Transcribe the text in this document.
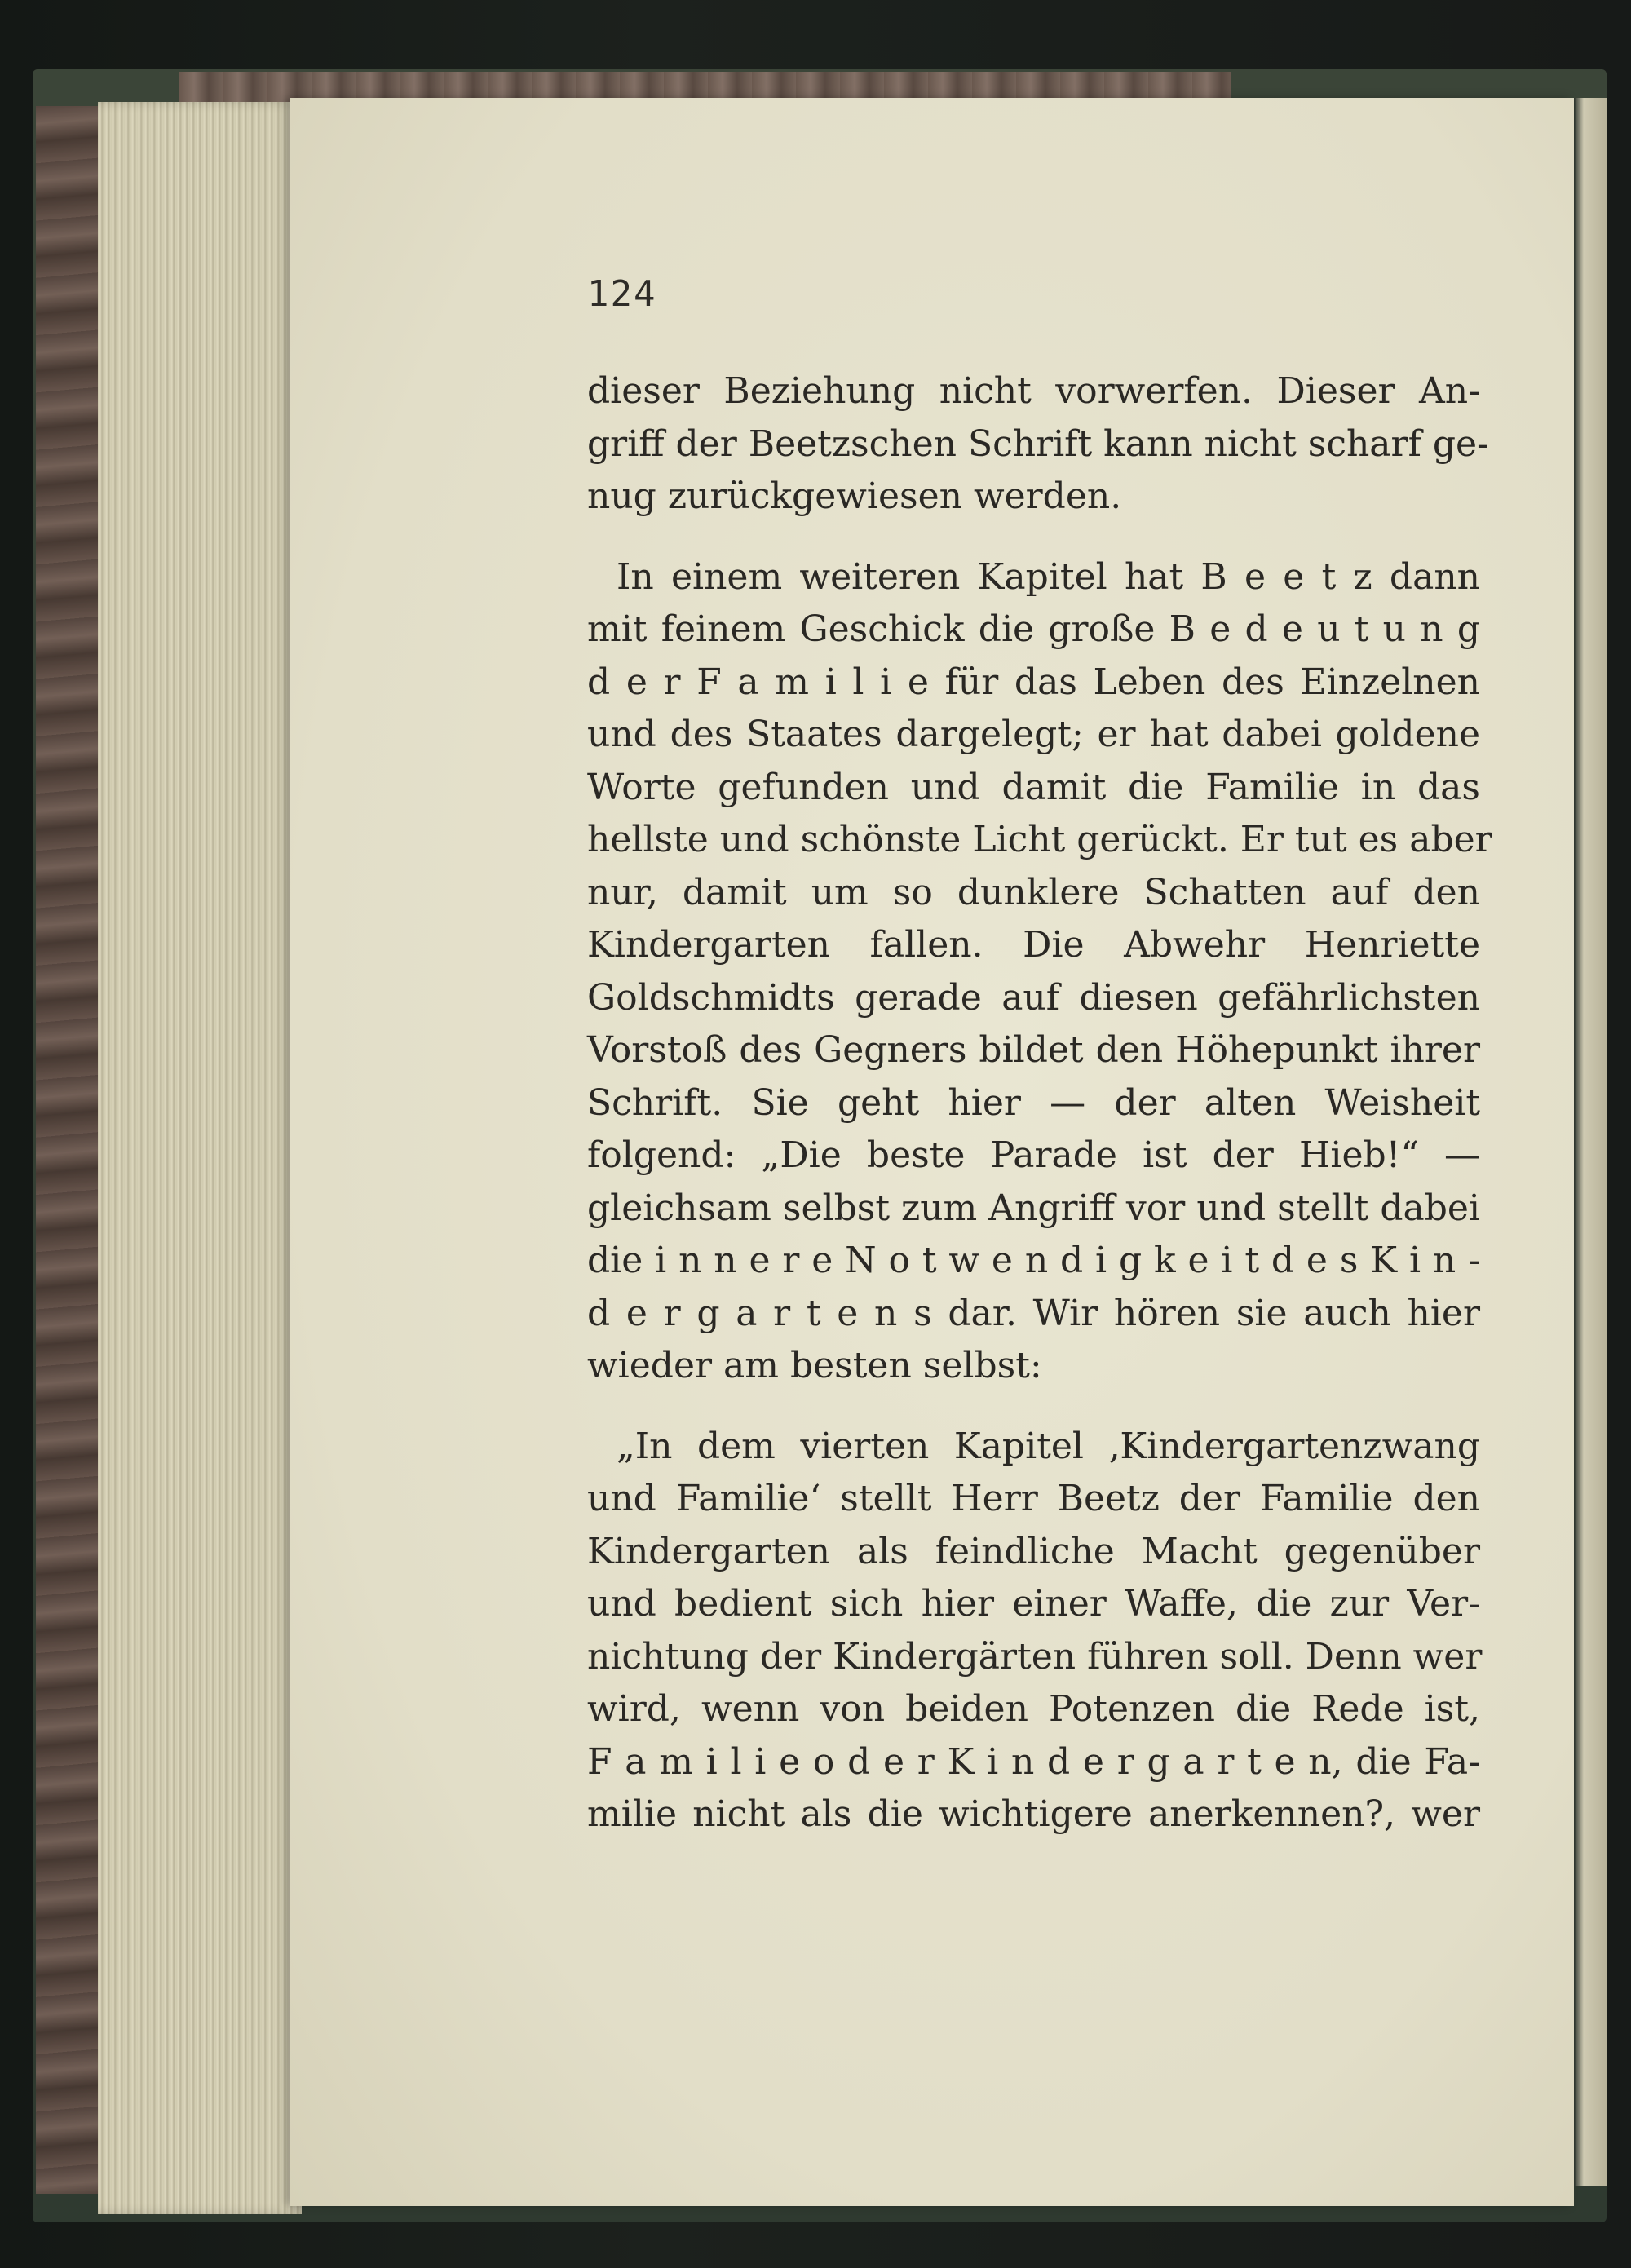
124
dieser Beziehung nicht vorwerfen. Dieser An-
griff der Beetzschen Schrift kann nicht scharf ge-
nug zurückgewiesen werden.
In einem weiteren Kapitel hat B e e t z dann
mit feinem Geschick die große B e d e u t u n g
d e r F a m i l i e für das Leben des Einzelnen
und des Staates dargelegt; er hat dabei goldene
Worte gefunden und damit die Familie in das
hellste und schönste Licht gerückt. Er tut es aber
nur, damit um so dunklere Schatten auf den
Kindergarten fallen. Die Abwehr Henriette
Goldschmidts gerade auf diesen gefährlichsten
Vorstoß des Gegners bildet den Höhepunkt ihrer
Schrift. Sie geht hier — der alten Weisheit
folgend: „Die beste Parade ist der Hieb!“ —
gleichsam selbst zum Angriff vor und stellt dabei
die i n n e r e N o t w e n d i g k e i t d e s K i n -
d e r g a r t e n s dar. Wir hören sie auch hier
wieder am besten selbst:
„In dem vierten Kapitel ‚Kindergartenzwang
und Familie‘ stellt Herr Beetz der Familie den
Kindergarten als feindliche Macht gegenüber
und bedient sich hier einer Waffe, die zur Ver-
nichtung der Kindergärten führen soll. Denn wer
wird, wenn von beiden Potenzen die Rede ist,
F a m i l i e o d e r K i n d e r g a r t e n, die Fa-
milie nicht als die wichtigere anerkennen?, wer
